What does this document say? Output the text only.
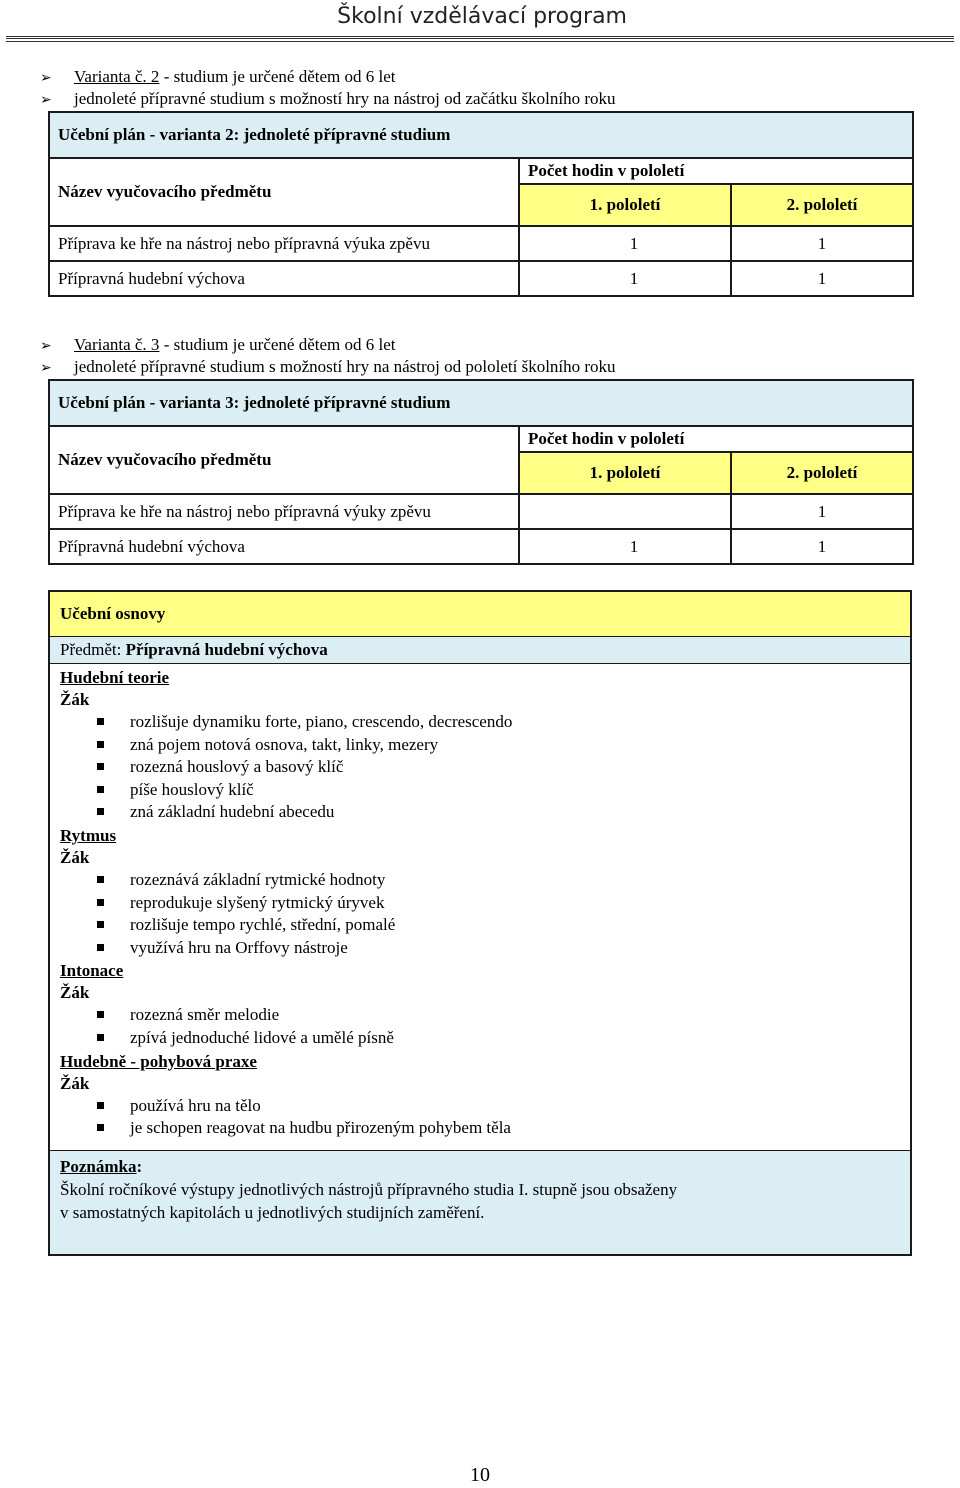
Školní vzdělávací program
➢ Varianta č. 2 - studium je určené dětem od 6 let
➢ jednoleté přípravné studium s možností hry na nástroj od začátku školního roku
Učební plán - varianta 2: jednoleté přípravné studium		
Název vyučovacího předmětu	Počet hodin v pololetí	
	1. pololetí	2. pololetí
Příprava ke hře na nástroj nebo přípravná výuka zpěvu	1	1
Přípravná hudební výchova	1	1
➢ Varianta č. 3 - studium je určené dětem od 6 let
➢ jednoleté přípravné studium s možností hry na nástroj od pololetí školního roku
Učební plán - varianta 3: jednoleté přípravné studium		
Název vyučovacího předmětu	Počet hodin v pololetí	
	1. pololetí	2. pololetí
Příprava ke hře na nástroj nebo přípravná výuky zpěvu		1
Přípravná hudební výchova	1	1
Učební osnovy
Předmět: Přípravná hudební výchova
Hudební teorie
Žák
rozlišuje dynamiku forte, piano, crescendo, decrescendo
zná pojem notová osnova, takt, linky, mezery
rozezná houslový a basový klíč
píše houslový klíč
zná základní hudební abecedu
Rytmus
Žák
rozeznává základní rytmické hodnoty
reprodukuje slyšený rytmický úryvek
rozlišuje tempo rychlé, střední, pomalé
využívá hru na Orffovy nástroje
Intonace
Žák
rozezná směr melodie
zpívá jednoduché lidové a umělé písně
Hudebně - pohybová praxe
Žák
používá hru na tělo
je schopen reagovat na hudbu přirozeným pohybem těla
Poznámka:
Školní ročníkové výstupy jednotlivých nástrojů přípravného studia I. stupně jsou obsaženy
v samostatných kapitolách u jednotlivých studijních zaměření.
10
